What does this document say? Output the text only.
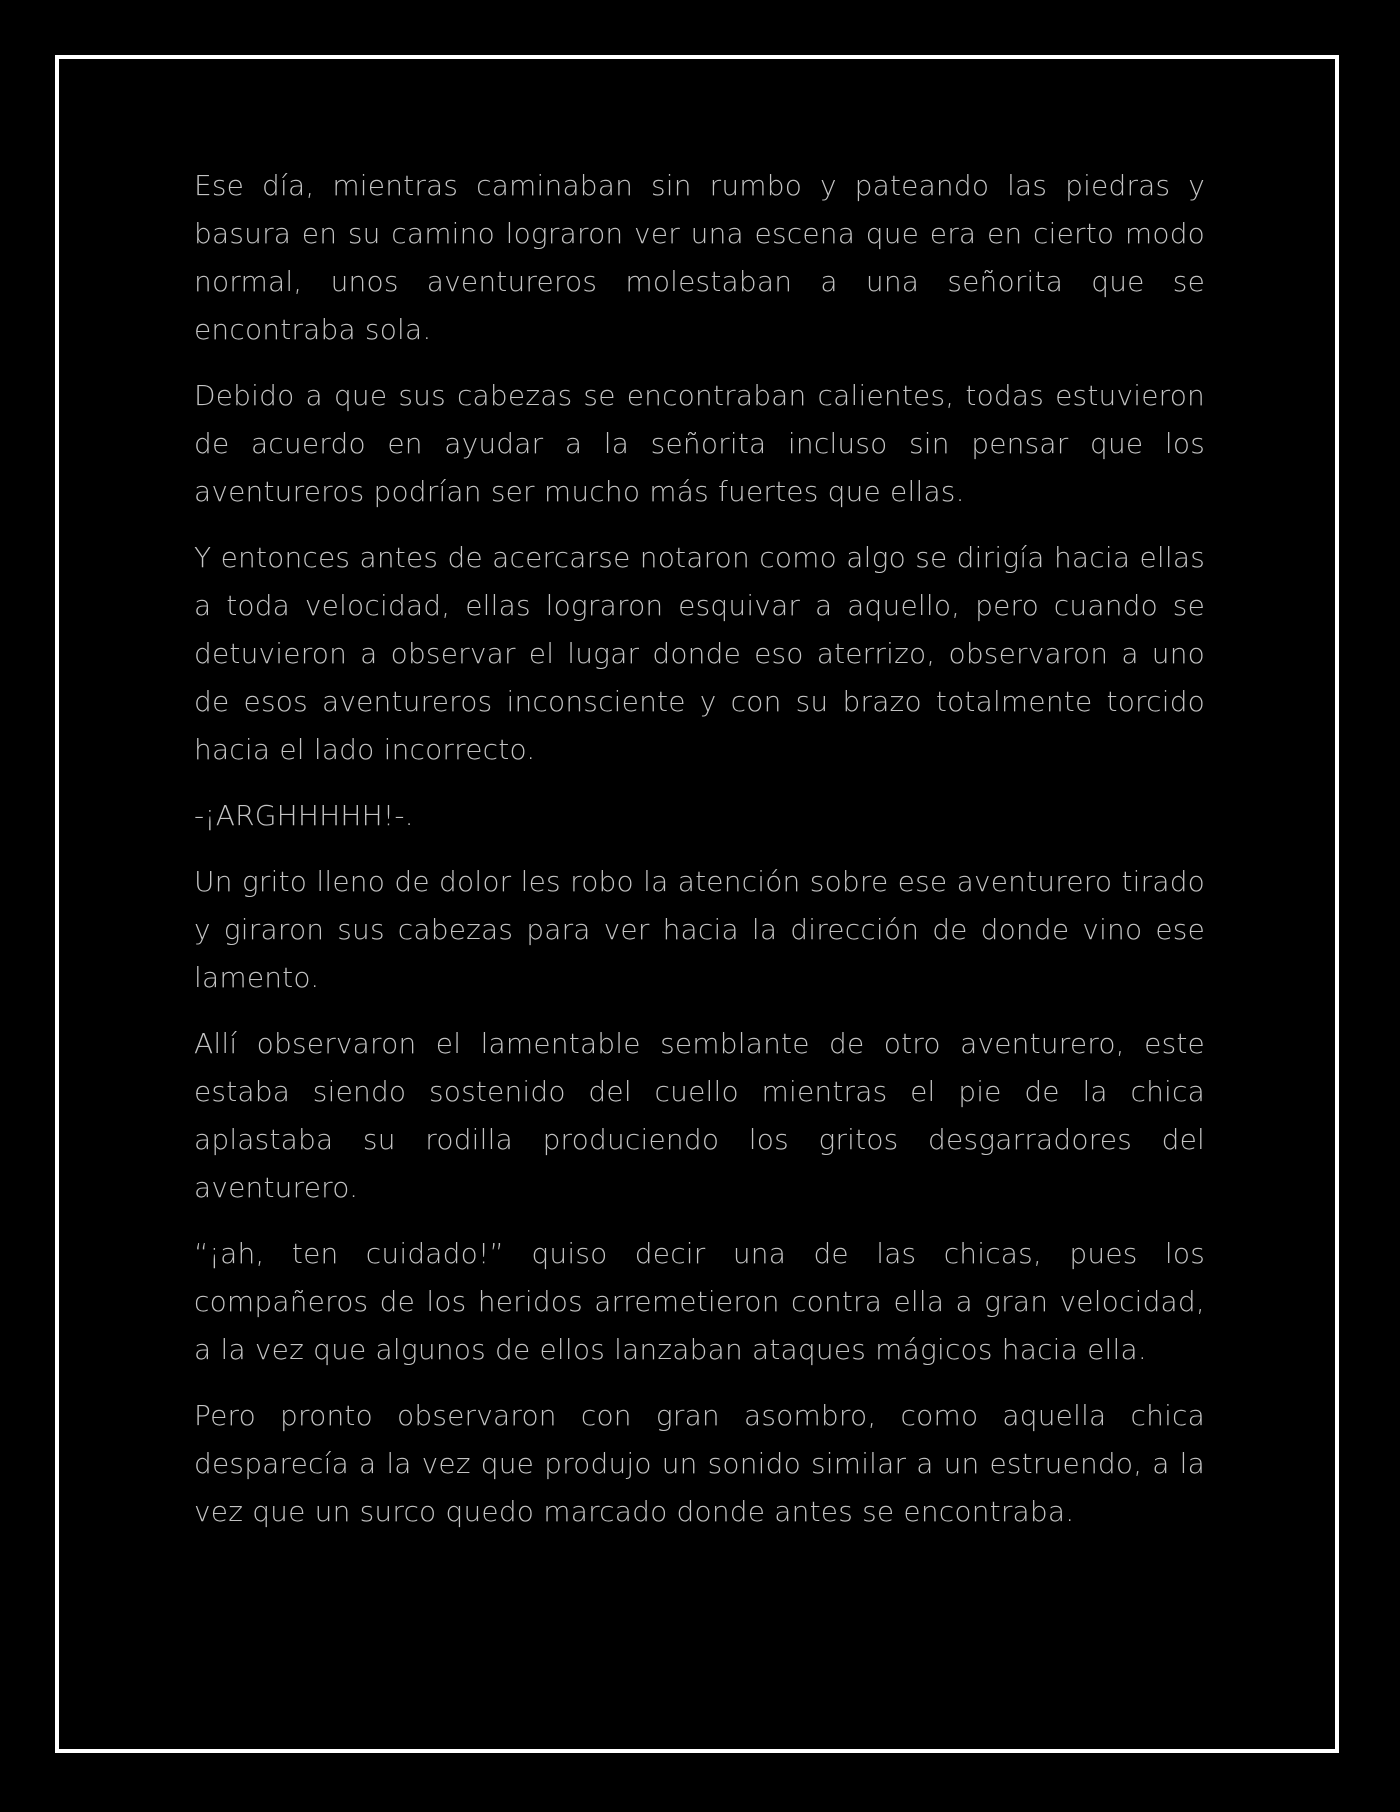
Ese día, mientras caminaban sin rumbo y pateando las piedras y basura en su camino lograron ver una escena que era en cierto modo normal, unos aventureros molestaban a una señorita que se encontraba sola.

Debido a que sus cabezas se encontraban calientes, todas estuvieron de acuerdo en ayudar a la señorita incluso sin pensar que los aventureros podrían ser mucho más fuertes que ellas.

Y entonces antes de acercarse notaron como algo se dirigía hacia ellas a toda velocidad, ellas lograron esquivar a aquello, pero cuando se detuvieron a observar el lugar donde eso aterrizo, observaron a uno de esos aventureros inconsciente y con su brazo totalmente torcido hacia el lado incorrecto.

-¡ARGHHHHH!-.

Un grito lleno de dolor les robo la atención sobre ese aventurero tirado y giraron sus cabezas para ver hacia la dirección de donde vino ese lamento.

Allí observaron el lamentable semblante de otro aventurero, este estaba siendo sostenido del cuello mientras el pie de la chica aplastaba su rodilla produciendo los gritos desgarradores del aventurero.

“¡ah, ten cuidado!” quiso decir una de las chicas, pues los compañeros de los heridos arremetieron contra ella a gran velocidad, a la vez que algunos de ellos lanzaban ataques mágicos hacia ella.

Pero pronto observaron con gran asombro, como aquella chica desparecía a la vez que produjo un sonido similar a un estruendo, a la vez que un surco quedo marcado donde antes se encontraba.
